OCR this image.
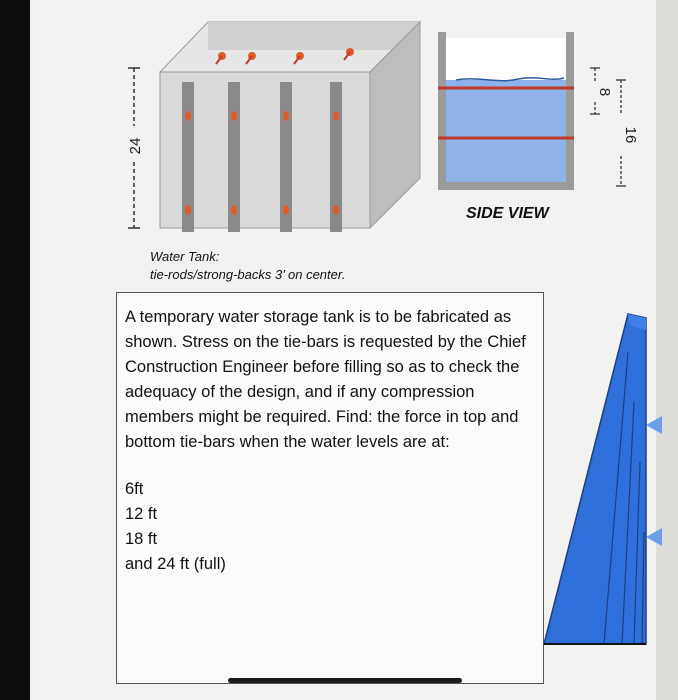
24
8
16
SIDE VIEW
Water Tank:
tie-rods/strong-backs 3’ on center.

A temporary water storage tank is to be fabricated as shown. Stress on the tie-bars is requested by the Chief Construction Engineer before filling so as to check the adequacy of the design, and if any compression members might be required. Find: the force in top and bottom tie-bars when the water levels are at:

6ft
12 ft
18 ft
and 24 ft (full)
